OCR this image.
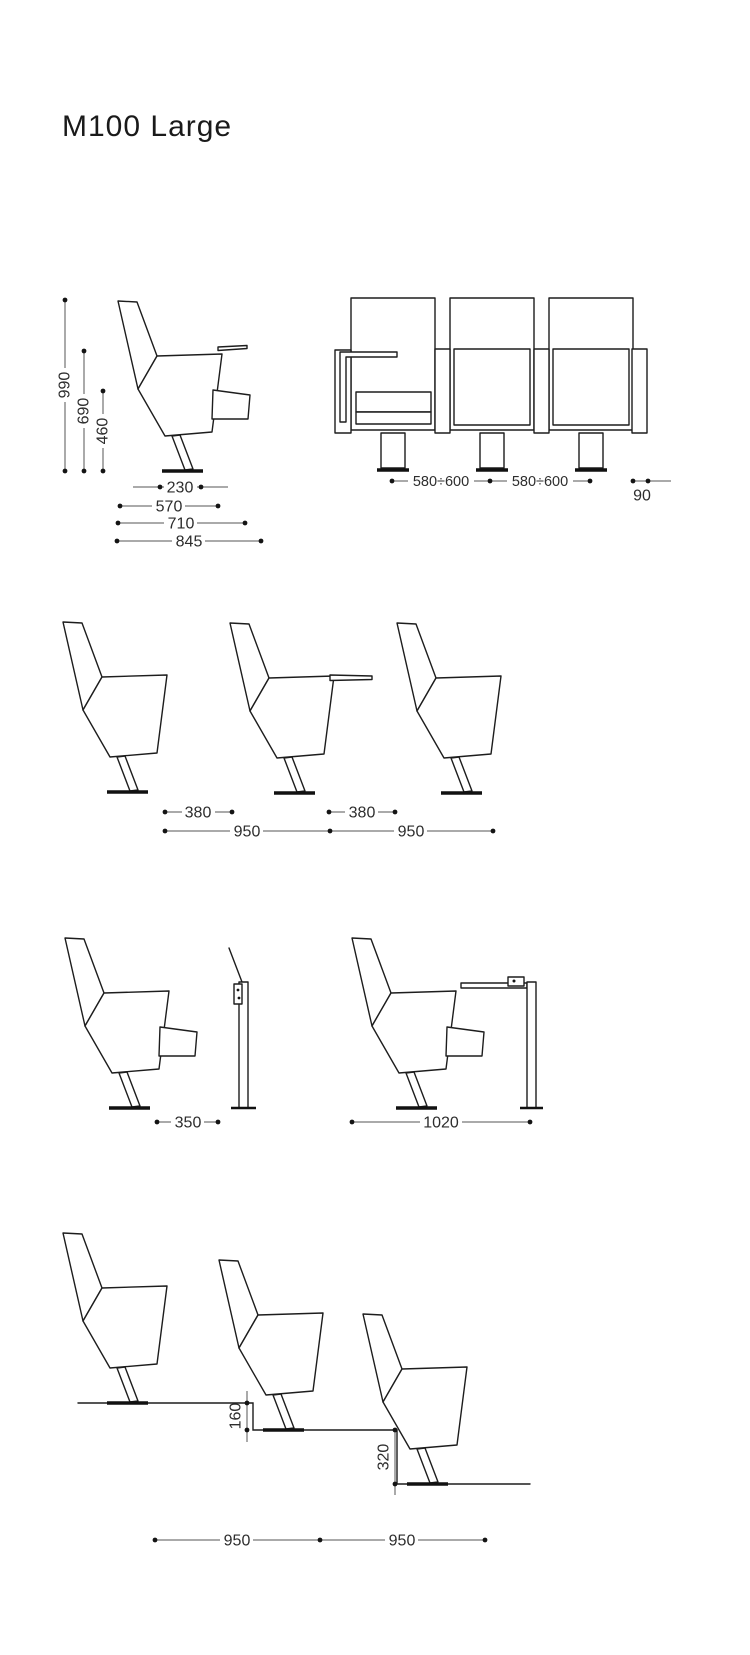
M100 Large
990
690
460
230
570
710
845
580÷600	580÷600
90
380	380
950	950
350	1020
160
320
950	950
